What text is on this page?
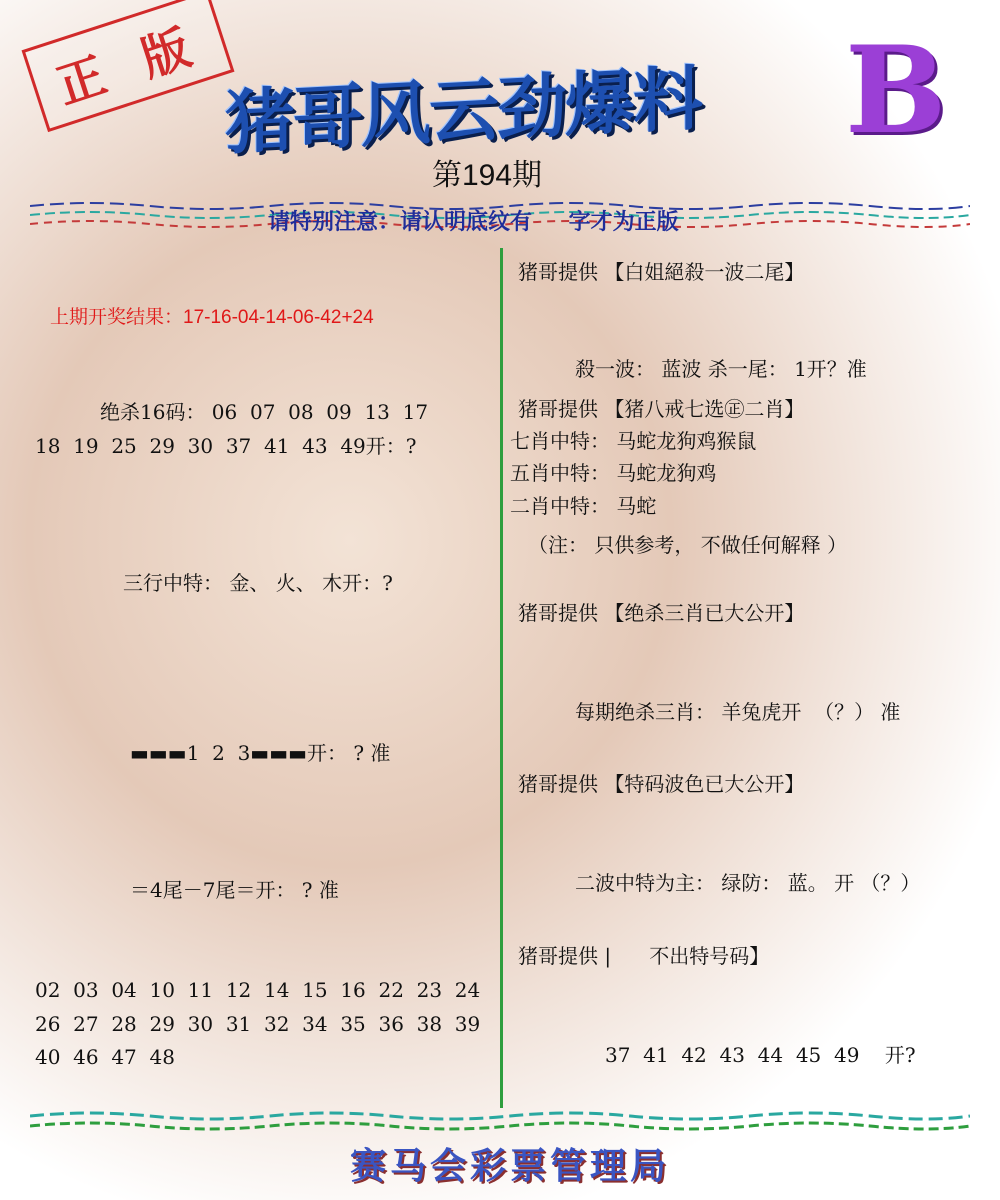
正 版 猪哥风云劲爆料 B
第194期
请特别注意：请认明底纹有      字才为正版
上期开奖结果：17-16-04-14-06-42+24
绝杀16码： 06  07  08  09  13  17
18  19  25  29  30  37  41  43  49开：?
三行中特： 金、 火、 木开：?
▬▬▬1  2  3▬▬▬开： ? 准
＝4尾－7尾＝开： ? 准
02  03  04  10  11  12  14  15  16  22  23  24
26  27  28  29  30  31  32  34  35  36  38  39
40  46  47  48
猪哥提供 【白姐絕殺一波二尾】
殺一波： 蓝波 杀一尾： 1开？准
猪哥提供 【猪八戒七选㊣二肖】
七肖中特： 马蛇龙狗鸡猴鼠
五肖中特： 马蛇龙狗鸡
二肖中特： 马蛇
（注： 只供参考， 不做任何解释 ）
猪哥提供 【绝杀三肖已大公开】
每期绝杀三肖： 羊兔虎开  （？） 准
猪哥提供 【特码波色已大公开】
二波中特为主： 绿防： 蓝。 开 （？）
猪哥提供 |      不出特号码】
37  41  42  43  44  45  49    开?
赛马会彩票管理局
